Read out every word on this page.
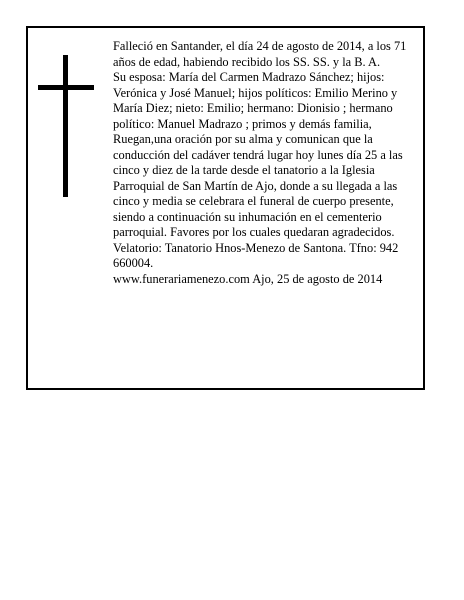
Falleció en Santander, el día 24 de agosto de 2014, a los 71 años de edad, habiendo recibido los SS. SS. y la B. A.

Su esposa: María del Carmen Madrazo Sánchez; hijos: Verónica y José Manuel; hijos políticos: Emilio Merino y María Diez; nieto: Emilio; hermano: Dionisio ; hermano político: Manuel Madrazo ; primos y demás familia,

Ruegan,una oración por su alma y comunican que la conducción del cadáver tendrá lugar hoy lunes día 25 a las cinco y diez de la tarde desde el tanatorio a la Iglesia Parroquial de San Martín de Ajo, donde a su llegada a las cinco y media se celebrara el funeral de cuerpo presente, siendo a continuación su inhumación en el cementerio parroquial. Favores por los cuales quedaran agradecidos. Velatorio: Tanatorio Hnos-Menezo de Santona. Tfno: 942 660004.

www.funerariamenezo.com Ajo, 25 de agosto de 2014
